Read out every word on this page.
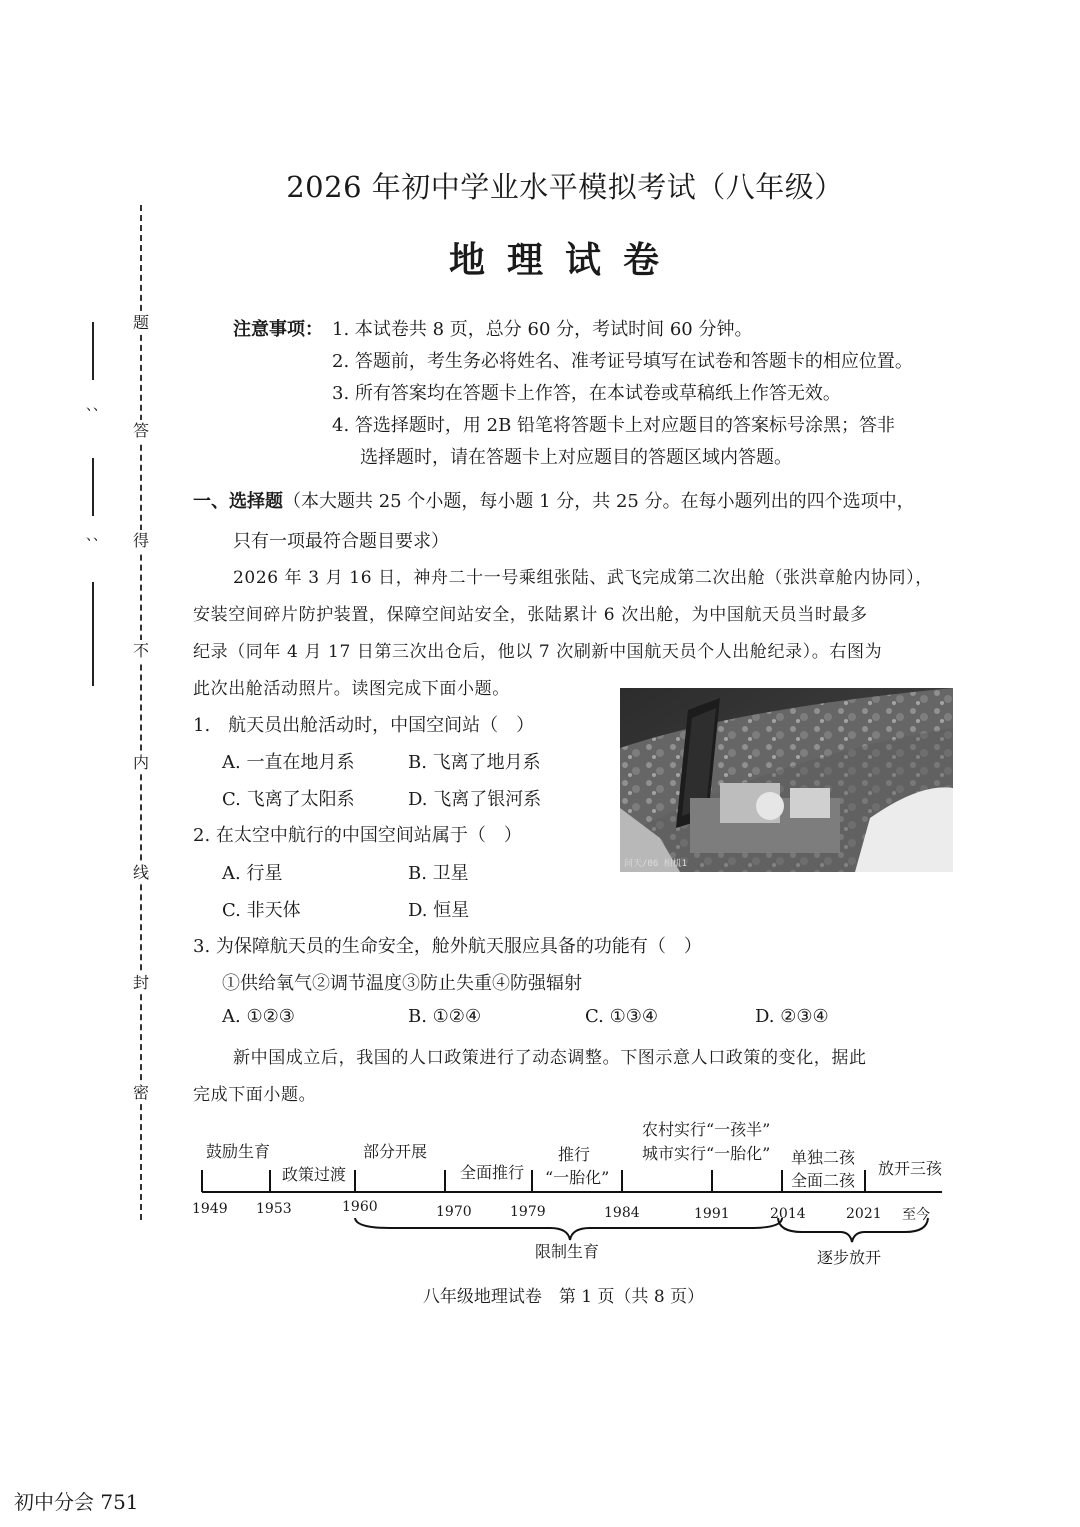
题
答
得
不
内
线
封
密
、、
、、
2026 年初中学业水平模拟考试（八年级）
地理试卷
注意事项： 1. 本试卷共 8 页，总分 60 分，考试时间 60 分钟。
2. 答题前，考生务必将姓名、准考证号填写在试卷和答题卡的相应位置。
3. 所有答案均在答题卡上作答，在本试卷或草稿纸上作答无效。
4. 答选择题时，用 2B 铅笔将答题卡上对应题目的答案标号涂黑；答非
选择题时，请在答题卡上对应题目的答题区域内答题。
一、选择题（本大题共 25 个小题，每小题 1 分，共 25 分。在每小题列出的四个选项中，
只有一项最符合题目要求）
2026 年 3 月 16 日，神舟二十一号乘组张陆、武飞完成第二次出舱（张洪章舱内协同），
安装空间碎片防护装置，保障空间站安全，张陆累计 6 次出舱，为中国航天员当时最多
纪录（同年 4 月 17 日第三次出仓后，他以 7 次刷新中国航天员个人出舱纪录）。右图为
此次出舱活动照片。读图完成下面小题。
问天/06 相机1
1.　航天员出舱活动时，中国空间站（　）
A. 一直在地月系	B. 飞离了地月系
C. 飞离了太阳系	D. 飞离了银河系
2. 在太空中航行的中国空间站属于（　）
A. 行星	B. 卫星
C. 非天体	D. 恒星
3. 为保障航天员的生命安全，舱外航天服应具备的功能有（　）
①供给氧气②调节温度③防止失重④防强辐射
A. ①②③	B. ①②④	C. ①③④	D. ②③④
新中国成立后，我国的人口政策进行了动态调整。下图示意人口政策的变化，据此
完成下面小题。
鼓励生育
政策过渡
部分开展
全面推行
推行
“一胎化”
农村实行“一孩半”
城市实行“一胎化” 单独二孩
全面二孩
放开三孩
1949 1953	1960	1970	1979	1984	1991	2014	2021 至今
限制生育	逐步放开
八年级地理试卷　第 1 页（共 8 页）
初中分会 751
